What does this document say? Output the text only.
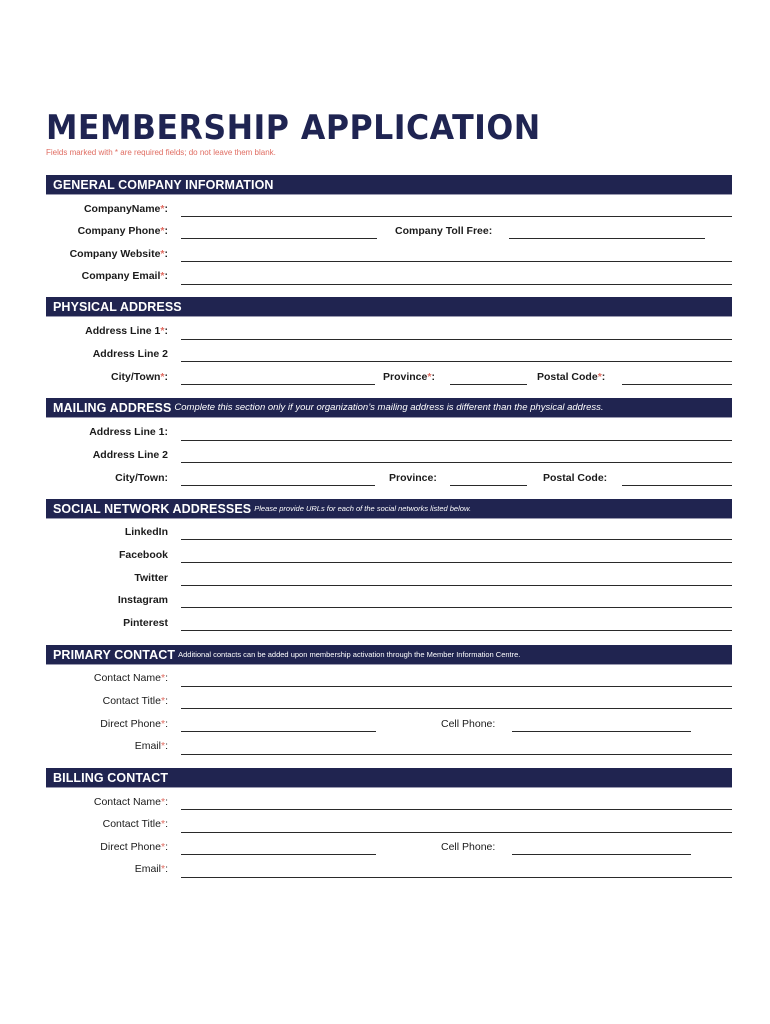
MEMBERSHIP APPLICATION
Fields marked with * are required fields; do not leave them blank.
GENERAL COMPANY INFORMATION
CompanyName*:
Company Phone*:	Company Toll Free:
Company Website*:
Company Email*:
PHYSICAL ADDRESS
Address Line 1*:
Address Line 2
City/Town*:	Province*:	Postal Code*:
MAILING ADDRESS Complete this section only if your organization’s mailing address is different than the physical address.
Address Line 1:
Address Line 2
City/Town:	Province:	Postal Code:
SOCIAL NETWORK ADDRESSES Please provide URLs for each of the social networks listed below.
LinkedIn
Facebook
Twitter
Instagram
Pinterest
PRIMARY CONTACT Additional contacts can be added upon membership activation through the Member Information Centre.
Contact Name*:
Contact Title*:
Direct Phone*:	Cell Phone:
Email*:
BILLING CONTACT
Contact Name*:
Contact Title*:
Direct Phone*:	Cell Phone:
Email*:
